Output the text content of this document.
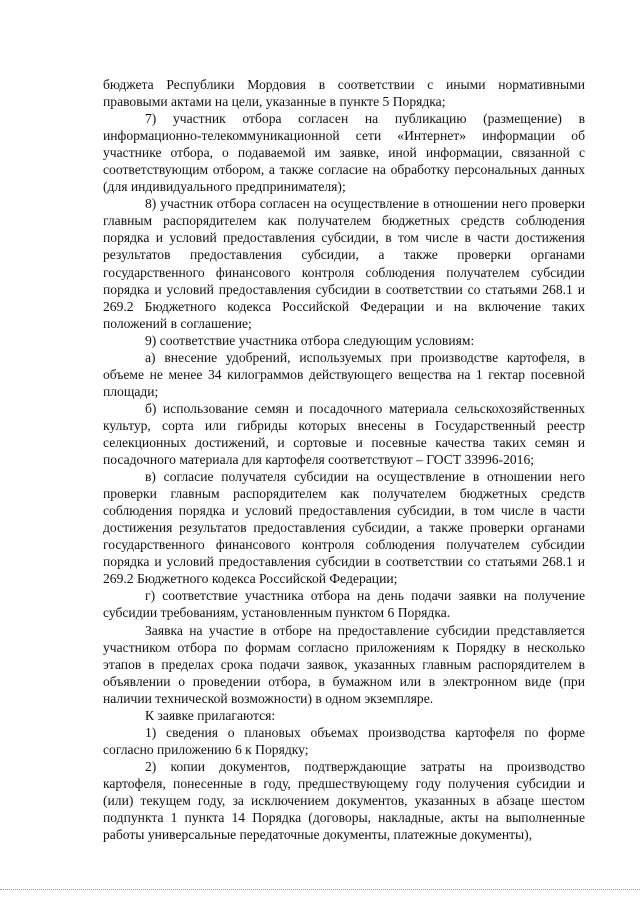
бюджета Республики Мордовия в соответствии с иными нормативными правовыми актами на цели, указанные в пункте 5 Порядка;

7) участник отбора согласен на публикацию (размещение) в информационно-телекоммуникационной сети «Интернет» информации об участнике отбора, о подаваемой им заявке, иной информации, связанной с соответствующим отбором, а также согласие на обработку персональных данных (для индивидуального предпринимателя);

8) участник отбора согласен на осуществление в отношении него проверки главным распорядителем как получателем бюджетных средств соблюдения порядка и условий предоставления субсидии, в том числе в части достижения результатов предоставления субсидии, а также проверки органами государственного финансового контроля соблюдения получателем субсидии порядка и условий предоставления субсидии в соответствии со статьями 268.1 и 269.2 Бюджетного кодекса Российской Федерации и на включение таких положений в соглашение;

9) соответствие участника отбора следующим условиям:

а) внесение удобрений, используемых при производстве картофеля, в объеме не менее 34 килограммов действующего вещества на 1 гектар посевной площади;

б) использование семян и посадочного материала сельскохозяйственных культур, сорта или гибриды которых внесены в Государственный реестр селекционных достижений, и сортовые и посевные качества таких семян и посадочного материала для картофеля соответствуют – ГОСТ 33996-2016;

в) согласие получателя субсидии на осуществление в отношении него проверки главным распорядителем как получателем бюджетных средств соблюдения порядка и условий предоставления субсидии, в том числе в части достижения результатов предоставления субсидии, а также проверки органами государственного финансового контроля соблюдения получателем субсидии порядка и условий предоставления субсидии в соответствии со статьями 268.1 и 269.2 Бюджетного кодекса Российской Федерации;

г) соответствие участника отбора на день подачи заявки на получение субсидии требованиям, установленным пунктом 6 Порядка.

Заявка на участие в отборе на предоставление субсидии представляется участником отбора по формам согласно приложениям к Порядку в несколько этапов в пределах срока подачи заявок, указанных главным распорядителем в объявлении о проведении отбора, в бумажном или в электронном виде (при наличии технической возможности) в одном экземпляре.

К заявке прилагаются:

1) сведения о плановых объемах производства картофеля по форме согласно приложению 6 к Порядку;

2) копии документов, подтверждающие затраты на производство картофеля, понесенные в году, предшествующему году получения субсидии и (или) текущем году, за исключением документов, указанных в абзаце шестом подпункта 1 пункта 14 Порядка (договоры, накладные, акты на выполненные работы универсальные передаточные документы, платежные документы),
